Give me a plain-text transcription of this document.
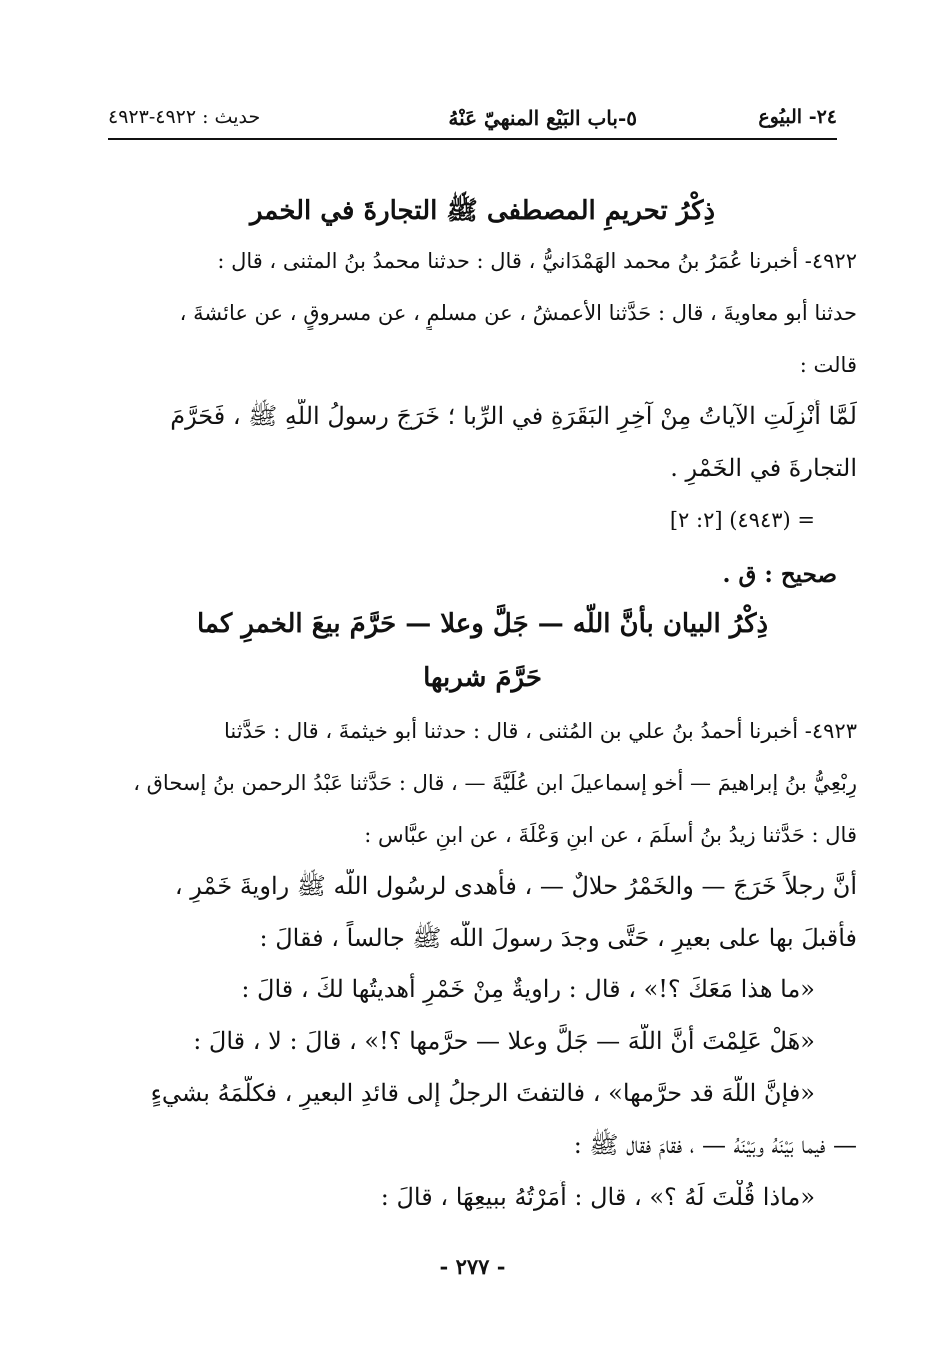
٢٤- البيُوع
٥-باب البَيْع المنهيّ عَنْهُ
حديث : ٤٩٢٢-٤٩٢٣

ذِكْرُ تحريمِ المصطفى ﷺ التجارةَ في الخمر

٤٩٢٢- أخبرنا عُمَرُ بنُ محمد الهَمْدَانيُّ ، قال : حدثنا محمدُ بنُ المثنى ، قال :

حدثنا أبو معاويةَ ، قال : حَدَّثنا الأعمشُ ، عن مسلمٍ ، عن مسروقٍ ، عن عائشةَ ،

قالت :

لَمَّا أُنْزِلَتِ الآياتُ مِنْ آخِرِ البَقَرَةِ في الرِّبا ؛ خَرَجَ رسولُ اللّهِ ﷺ ، فَحَرَّمَ

التجارةَ في الخَمْرِ .

= (٤٩٤٣) [٢: ٢]

صحيح : ق .

ذِكْرُ البيان بأنَّ اللّه — جَلَّ وعلا — حَرَّمَ بيعَ الخمرِ كما

حَرَّمَ شربها

٤٩٢٣- أخبرنا أحمدُ بنُ علي بن المُثنى ، قال : حدثنا أبو خيثمةَ ، قال : حَدَّثنا

رِبْعِيُّ بنُ إبراهيمَ — أخو إسماعيلَ ابن عُلَيَّةَ — ، قال : حَدَّثنا عَبْدُ الرحمن بنُ إسحاق ،

قال : حَدَّثنا زيدُ بنُ أسلَمَ ، عن ابنِ وَعْلَةَ ، عن ابنِ عبَّاس :

أنَّ رجلاً خَرَجَ — والخَمْرُ حلالٌ — ، فأهدى لرسُول اللّه ﷺ راويةَ خَمْرٍ ،

فأقبلَ بها على بعيرٍ ، حَتَّى وجدَ رسولَ اللّه ﷺ جالساً ، فقالَ :

«ما هذا مَعَكَ ؟!» ، قال : راويةٌ مِنْ خَمْرٍ أهديتُها لكَ ، قالَ :

«هَلْ عَلِمْتَ أنَّ اللّهَ — جَلَّ وعلا — حرَّمها ؟!» ، قالَ : لا ، قالَ :

«فإنَّ اللّهَ قد حرَّمها» ، فالتفتَ الرجلُ إلى قائدِ البعيرِ ، فكلَّمَهُ بشيءٍ

— فيما بَيْنَهُ وبَيْنَهُ — ، فقامَ فقال ﷺ :

«ماذا قُلْتَ لَهُ ؟» ، قال : أَمَرْتُهُ ببيعِهَا ، قالَ :

- ٢٧٧ -
